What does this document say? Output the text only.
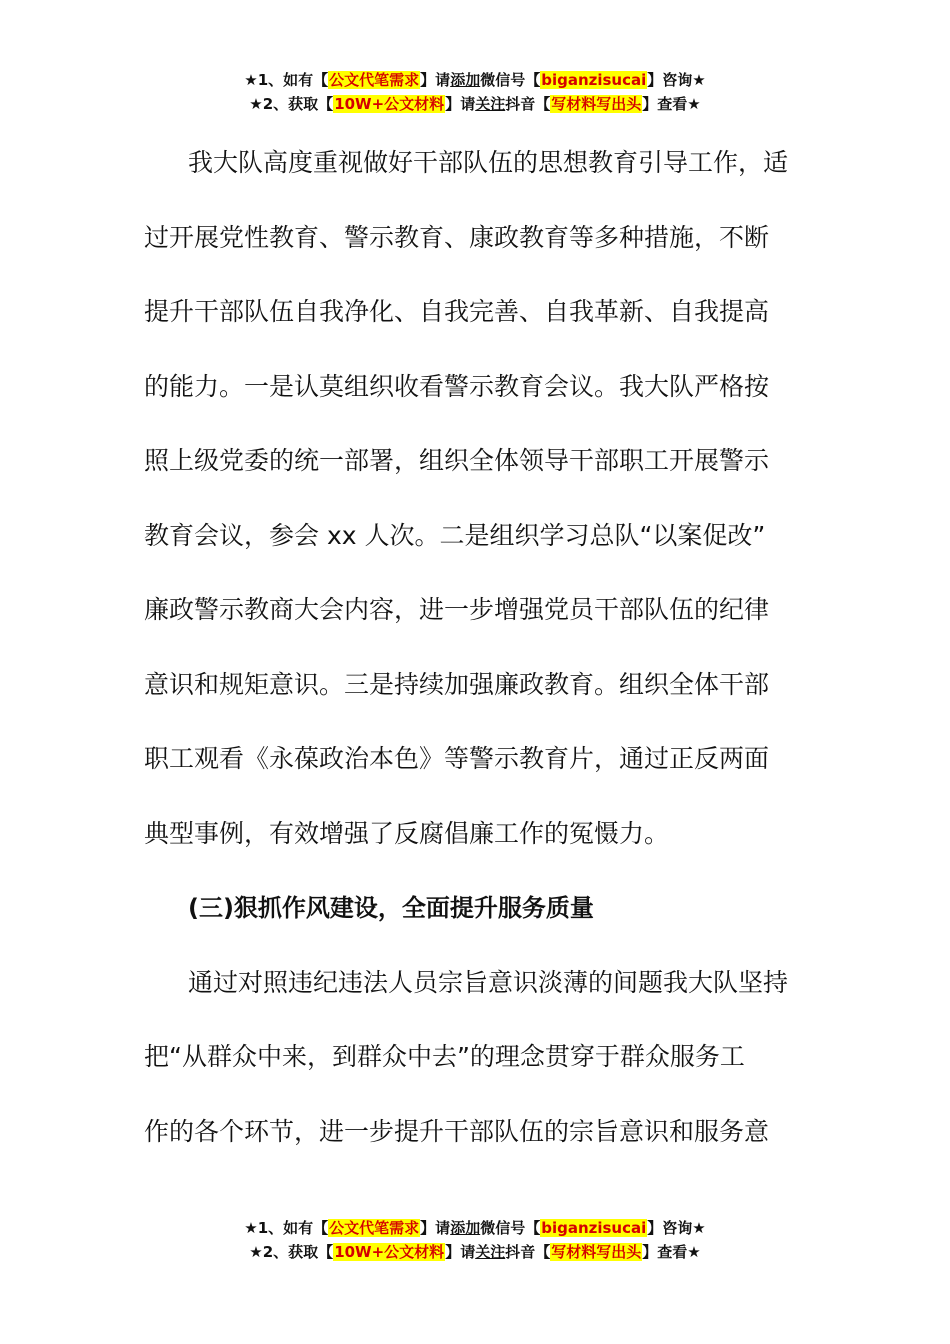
★1、如有【公文代笔需求】请添加微信号【biganzisucai】咨询★
★2、获取【10W+公文材料】请关注抖音【写材料写出头】查看★

我大队高度重视做好干部队伍的思想教育引导工作，适
过开展党性教育、警示教育、康政教育等多种措施，不断
提升干部队伍自我净化、自我完善、自我革新、自我提高
的能力。一是认莫组织收看警示教育会议。我大队严格按
照上级党委的统一部署，组织全体领导干部职工开展警示
教育会议，参会 xx 人次。二是组织学习总队“以案促改”
廉政警示教商大会内容，进一步增强党员干部队伍的纪律
意识和规矩意识。三是持续加强廉政教育。组织全体干部
职工观看《永葆政治本色》等警示教育片，通过正反两面
典型事例，有效增强了反腐倡廉工作的冤慑力。

(三)狠抓作风建设，全面提升服务质量

通过对照违纪违法人员宗旨意识淡薄的间题我大队坚持
把“从群众中来，到群众中去”的理念贯穿于群众服务工
作的各个环节，进一步提升干部队伍的宗旨意识和服务意

★1、如有【公文代笔需求】请添加微信号【biganzisucai】咨询★
★2、获取【10W+公文材料】请关注抖音【写材料写出头】查看★
